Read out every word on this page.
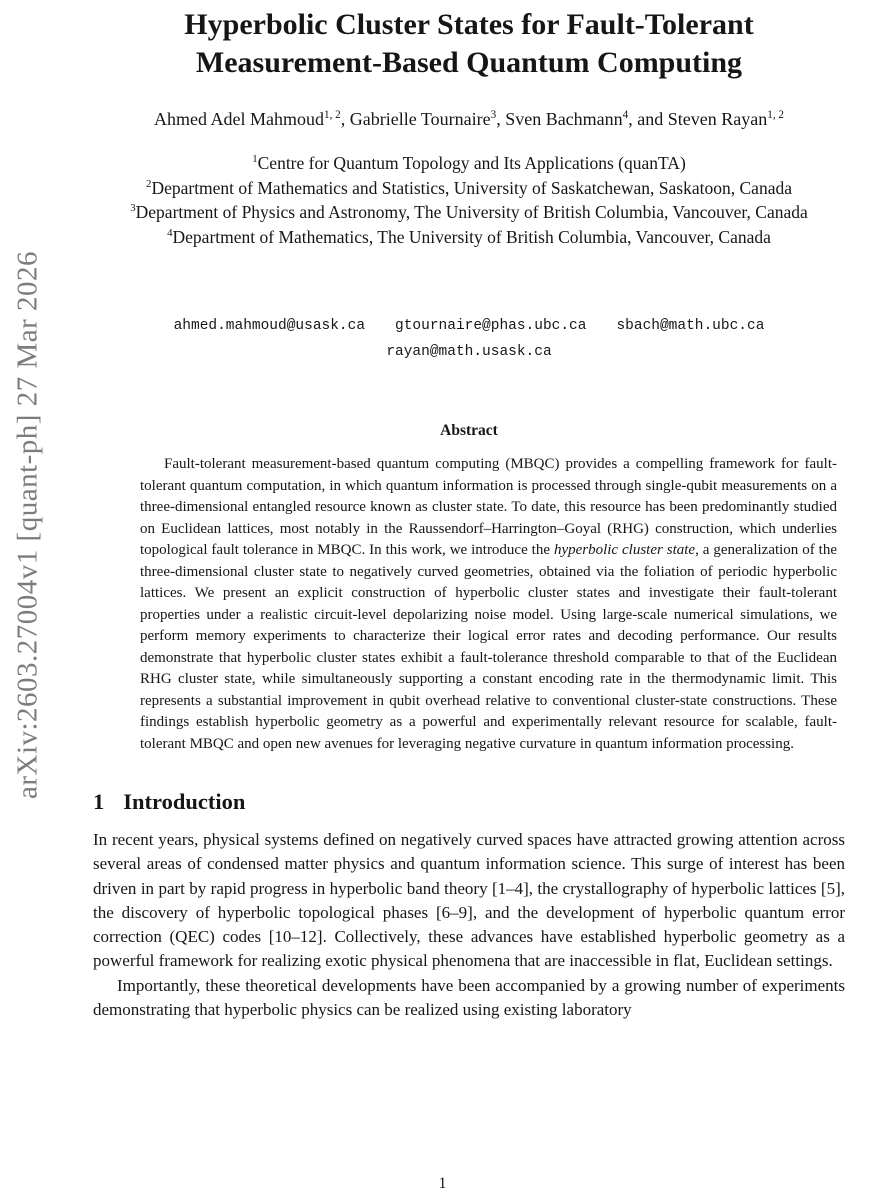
arXiv:2603.27004v1 [quant-ph] 27 Mar 2026
Hyperbolic Cluster States for Fault-Tolerant
Measurement-Based Quantum Computing
Ahmed Adel Mahmoud$^{1, 2}$, Gabrielle Tournaire$^3$, Sven Bachmann$^4$, and Steven Rayan$^{1, 2}$
$^1$Centre for Quantum Topology and Its Applications (quanTA)
$^2$Department of Mathematics and Statistics, University of Saskatchewan, Saskatoon, Canada
$^3$Department of Physics and Astronomy, The University of British Columbia, Vancouver, Canada
$^4$Department of Mathematics, The University of British Columbia, Vancouver, Canada
ahmed.mahmoud@usask.ca gtournaire@phas.ubc.ca sbach@math.ubc.ca
rayan@math.usask.ca
Abstract

Fault-tolerant measurement-based quantum computing (MBQC) provides a compelling framework for fault-tolerant quantum computation, in which quantum information is processed through single-qubit measurements on a three-dimensional entangled resource known as cluster state. To date, this resource has been predominantly studied on Euclidean lattices, most notably in the Raussendorf–Harrington–Goyal (RHG) construction, which underlies topological fault tolerance in MBQC. In this work, we introduce the hyperbolic cluster state, a generalization of the three-dimensional cluster state to negatively curved geometries, obtained via the foliation of periodic hyperbolic lattices. We present an explicit construction of hyperbolic cluster states and investigate their fault-tolerant properties under a realistic circuit-level depolarizing noise model. Using large-scale numerical simulations, we perform memory experiments to characterize their logical error rates and decoding performance. Our results demonstrate that hyperbolic cluster states exhibit a fault-tolerance threshold comparable to that of the Euclidean RHG cluster state, while simultaneously supporting a constant encoding rate in the thermodynamic limit. This represents a substantial improvement in qubit overhead relative to conventional cluster-state constructions. These findings establish hyperbolic geometry as a powerful and experimentally relevant resource for scalable, fault-tolerant MBQC and open new avenues for leveraging negative curvature in quantum information processing.

1 Introduction

In recent years, physical systems defined on negatively curved spaces have attracted growing attention across several areas of condensed matter physics and quantum information science. This surge of interest has been driven in part by rapid progress in hyperbolic band theory [1–4], the crystallography of hyperbolic lattices [5], the discovery of hyperbolic topological phases [6–9], and the development of hyperbolic quantum error correction (QEC) codes [10–12]. Collectively, these advances have established hyperbolic geometry as a powerful framework for realizing exotic physical phenomena that are inaccessible in flat, Euclidean settings.

Importantly, these theoretical developments have been accompanied by a growing number of experiments demonstrating that hyperbolic physics can be realized using existing laboratory

1
